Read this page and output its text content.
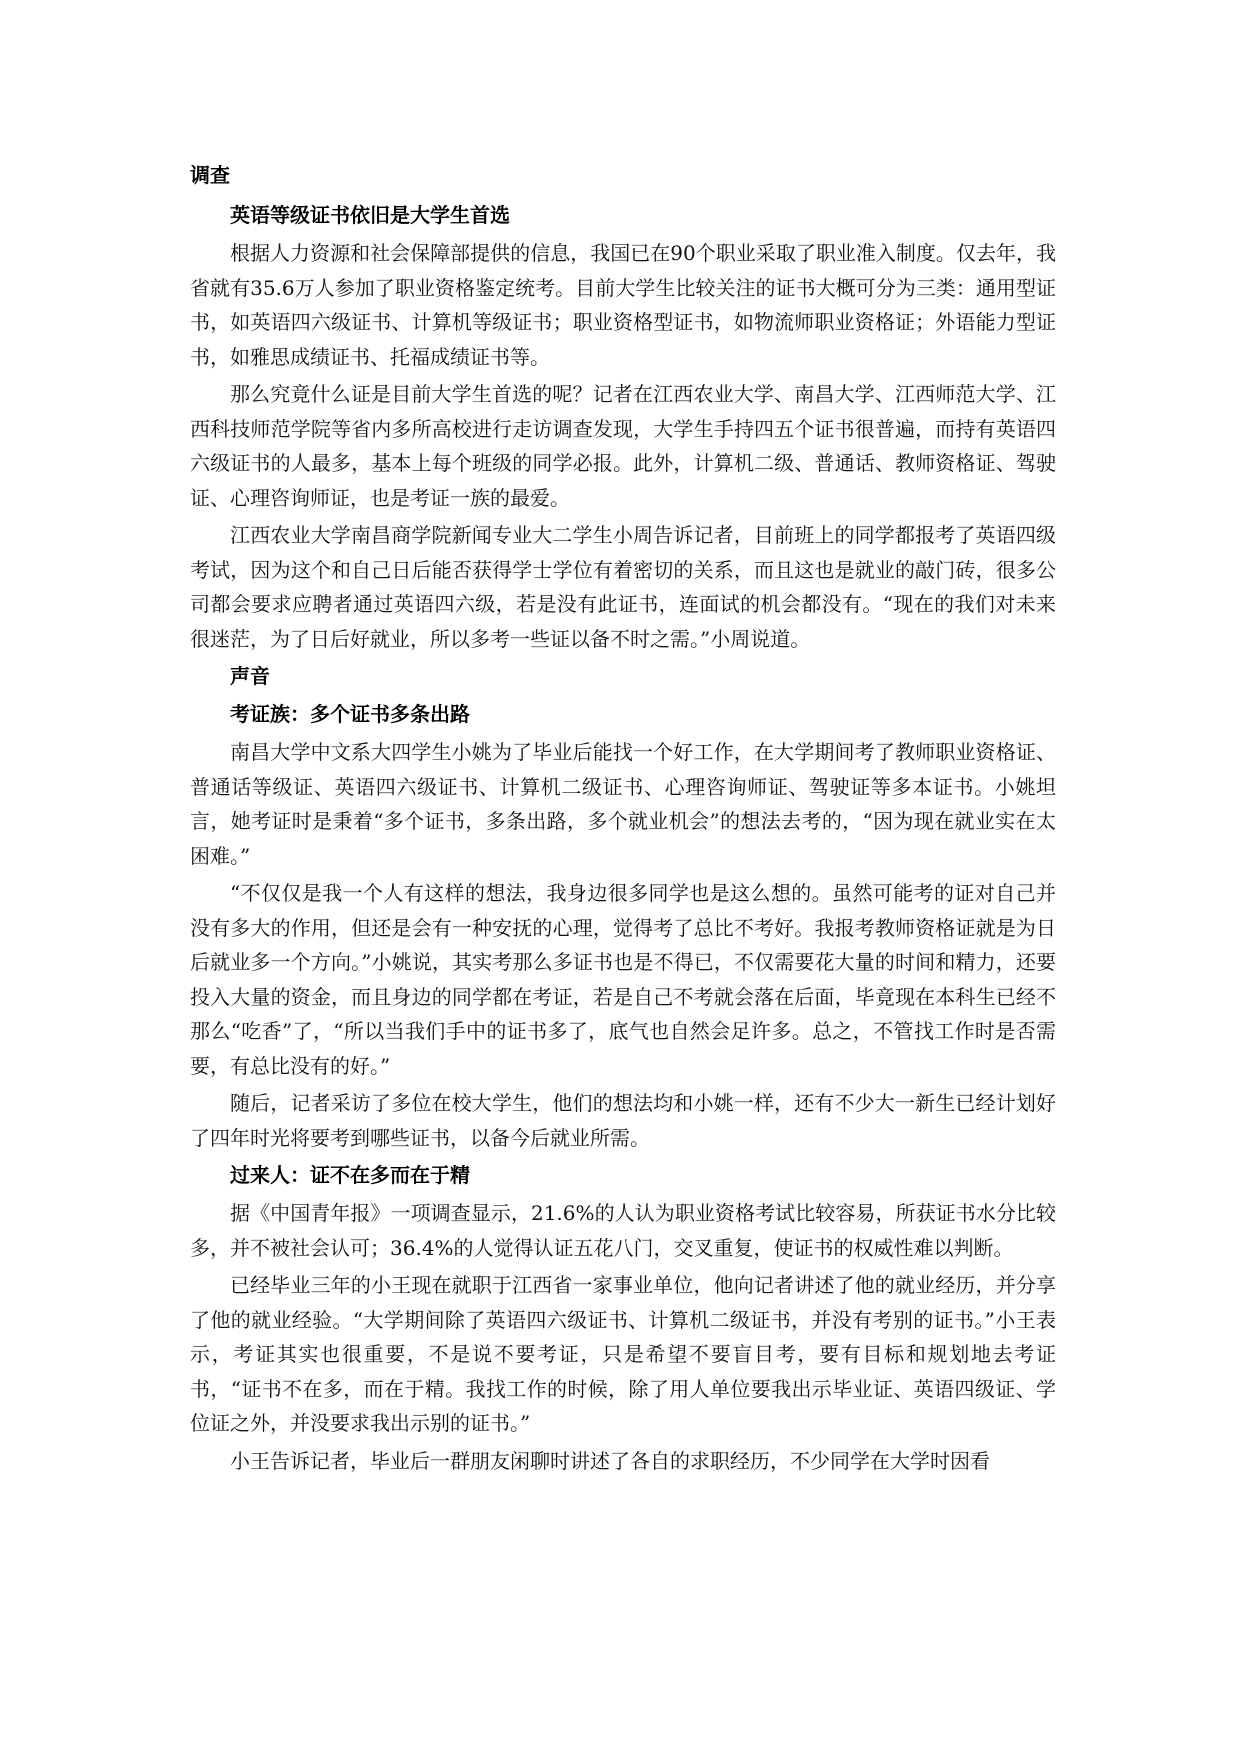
调查
英语等级证书依旧是大学生首选

根据人力资源和社会保障部提供的信息，我国已在90个职业采取了职业准入制度。仅去年，我省就有35.6万人参加了职业资格鉴定统考。目前大学生比较关注的证书大概可分为三类：通用型证书，如英语四六级证书、计算机等级证书；职业资格型证书，如物流师职业资格证；外语能力型证书，如雅思成绩证书、托福成绩证书等。

那么究竟什么证是目前大学生首选的呢？记者在江西农业大学、南昌大学、江西师范大学、江西科技师范学院等省内多所高校进行走访调查发现，大学生手持四五个证书很普遍，而持有英语四六级证书的人最多，基本上每个班级的同学必报。此外，计算机二级、普通话、教师资格证、驾驶证、心理咨询师证，也是考证一族的最爱。

江西农业大学南昌商学院新闻专业大二学生小周告诉记者，目前班上的同学都报考了英语四级考试，因为这个和自己日后能否获得学士学位有着密切的关系，而且这也是就业的敲门砖，很多公司都会要求应聘者通过英语四六级，若是没有此证书，连面试的机会都没有。“现在的我们对未来很迷茫，为了日后好就业，所以多考一些证以备不时之需。”小周说道。

声音
考证族：多个证书多条出路

南昌大学中文系大四学生小姚为了毕业后能找一个好工作，在大学期间考了教师职业资格证、普通话等级证、英语四六级证书、计算机二级证书、心理咨询师证、驾驶证等多本证书。小姚坦言，她考证时是秉着“多个证书，多条出路，多个就业机会”的想法去考的，“因为现在就业实在太困难。”

“不仅仅是我一个人有这样的想法，我身边很多同学也是这么想的。虽然可能考的证对自己并没有多大的作用，但还是会有一种安抚的心理，觉得考了总比不考好。我报考教师资格证就是为日后就业多一个方向。”小姚说，其实考那么多证书也是不得已，不仅需要花大量的时间和精力，还要投入大量的资金，而且身边的同学都在考证，若是自己不考就会落在后面，毕竟现在本科生已经不那么“吃香”了，“所以当我们手中的证书多了，底气也自然会足许多。总之，不管找工作时是否需要，有总比没有的好。”

随后，记者采访了多位在校大学生，他们的想法均和小姚一样，还有不少大一新生已经计划好了四年时光将要考到哪些证书，以备今后就业所需。

过来人：证不在多而在于精

据《中国青年报》一项调查显示，21.6%的人认为职业资格考试比较容易，所获证书水分比较多，并不被社会认可；36.4%的人觉得认证五花八门，交叉重复，使证书的权威性难以判断。

已经毕业三年的小王现在就职于江西省一家事业单位，他向记者讲述了他的就业经历，并分享了他的就业经验。“大学期间除了英语四六级证书、计算机二级证书，并没有考别的证书。”小王表示，考证其实也很重要，不是说不要考证，只是希望不要盲目考，要有目标和规划地去考证书，“证书不在多，而在于精。我找工作的时候，除了用人单位要我出示毕业证、英语四级证、学位证之外，并没要求我出示别的证书。”

小王告诉记者，毕业后一群朋友闲聊时讲述了各自的求职经历，不少同学在大学时因看
